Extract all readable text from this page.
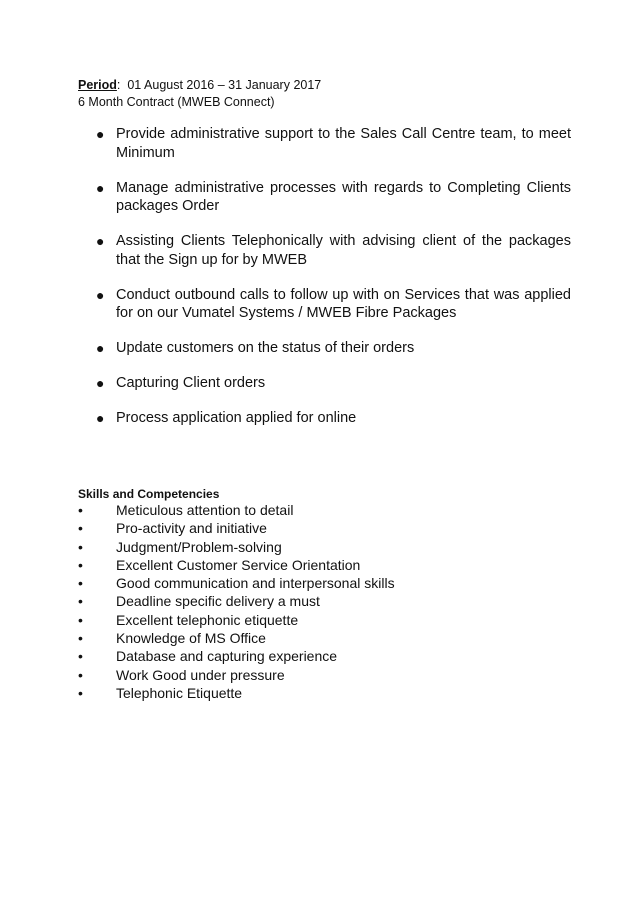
Period: 01 August 2016 – 31 January 2017
6 Month Contract (MWEB Connect)
● Provide administrative support to the Sales Call Centre team, to meet Minimum
● Manage administrative processes with regards to Completing Clients packages Order
● Assisting Clients Telephonically with advising client of the packages that the Sign up for by MWEB
● Conduct outbound calls to follow up with on Services that was applied for on our Vumatel Systems / MWEB Fibre Packages
● Update customers on the status of their orders
● Capturing Client orders
● Process application applied for online
Skills and Competencies
• Meticulous attention to detail
• Pro-activity and initiative
• Judgment/Problem-solving
• Excellent Customer Service Orientation
• Good communication and interpersonal skills
• Deadline specific delivery a must
• Excellent telephonic etiquette
• Knowledge of MS Office
• Database and capturing experience
• Work Good under pressure
• Telephonic Etiquette
